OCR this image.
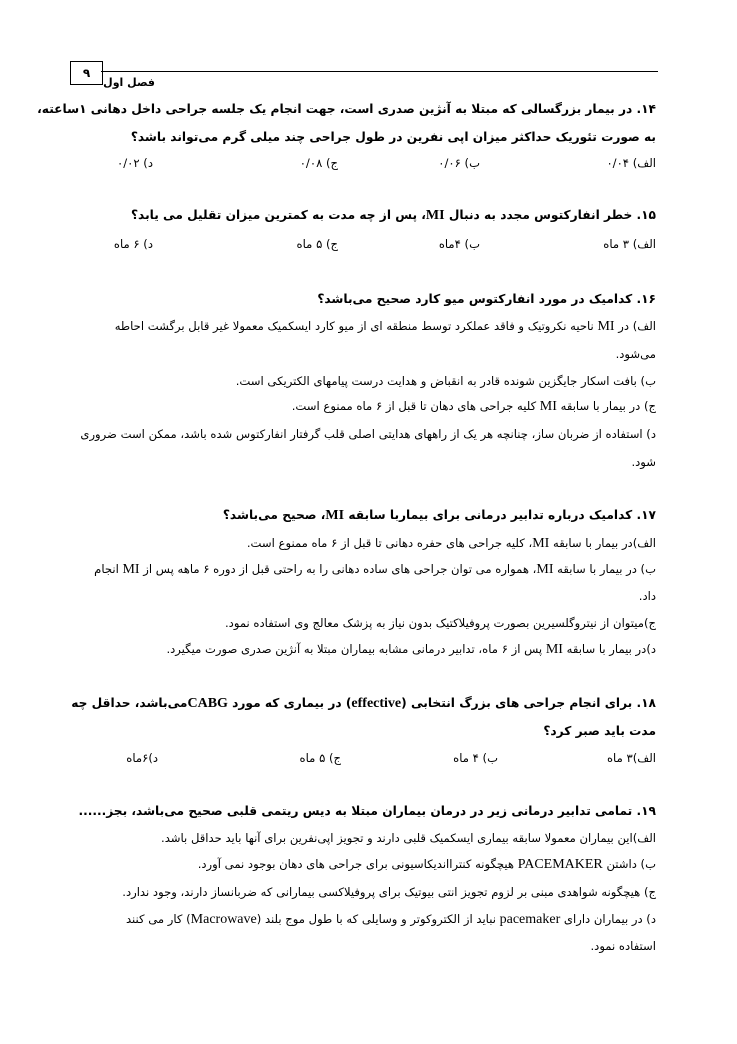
۹
فصل اول
۱۴. در بیمار بزرگسالی که مبتلا به آنژین صدری است، جهت انجام یک جلسه جراحی داخل دهانی ۱ساعته،
به صورت تئوریک حداکثر میزان اپی نفرین در طول جراحی چند میلی گرم می‌تواند باشد؟
الف) ۰/۰۴
ب) ۰/۰۶
ج) ۰/۰۸
د) ۰/۰۲
۱۵. خطر انفارکتوس مجدد به دنبال MI، پس از چه مدت به کمترین میزان تقلیل می یابد؟
الف) ۳ ماه
ب) ۴ماه
ج) ۵ ماه
د) ۶ ماه
۱۶. کدامیک در مورد انفارکتوس میو کارد صحیح می‌باشد؟
الف) در MI ناحیه نکروتیک و فاقد عملکرد توسط منطقه ای از میو کارد ایسکمیک معمولا غیر قابل برگشت احاطه
می‌شود.
ب) بافت اسکار جایگزین شونده قادر به انقباض و هدایت درست پیامهای الکتریکی است.
ج) در بیمار با سابقه MI کلیه جراحی های دهان تا قبل از ۶ ماه ممنوع است.
د) استفاده از ضربان ساز، چنانچه هر یک از راههای هدایتی اصلی قلب گرفتار انفارکتوس شده باشد، ممکن است ضروری
شود.
۱۷. کدامیک درباره تدابیر درمانی برای بیماربا سابقه MI، صحیح می‌باشد؟
الف)در بیمار با سابقه MI، کلیه جراحی های حفره دهانی تا قبل از ۶ ماه ممنوع است.
ب) در بیمار با سابقه MI، همواره می توان جراحی های ساده دهانی را به راحتی قبل از دوره ۶ ماهه پس از MI انجام
داد.
ج)میتوان از نیتروگلسیرین بصورت پروفیلاکتیک بدون نیاز به پزشک معالج وی استفاده نمود.
د)در بیمار با سابقه MI پس از ۶ ماه، تدابیر درمانی مشابه بیماران مبتلا به آنژین صدری صورت میگیرد.
۱۸. برای انجام جراحی های بزرگ انتخابی (effective) در بیماری که مورد CABGمی‌باشد، حداقل چه
مدت باید صبر کرد؟
الف)۳ ماه
ب) ۴ ماه
ج) ۵ ماه
د)۶ماه
۱۹. تمامی تدابیر درمانی زیر در درمان بیماران مبتلا به دیس ریتمی قلبی صحیح می‌باشد، بجز......
الف)این بیماران معمولا سابقه بیماری ایسکمیک قلبی دارند و تجویز اپی‌نفرین برای آنها باید حداقل باشد.
ب) داشتن PACEMAKER هیچگونه کنترااندیکاسیونی برای جراحی های دهان بوجود نمی آورد.
ج) هیچگونه شواهدی مبنی بر لزوم تجویز انتی بیوتیک برای پروفیلاکسی بیمارانی که ضربانساز دارند، وجود ندارد.
د) در بیماران دارای pacemaker نباید از الکتروکوتر و وسایلی که با طول موج بلند (Macrowave) کار می کنند
استفاده نمود.
